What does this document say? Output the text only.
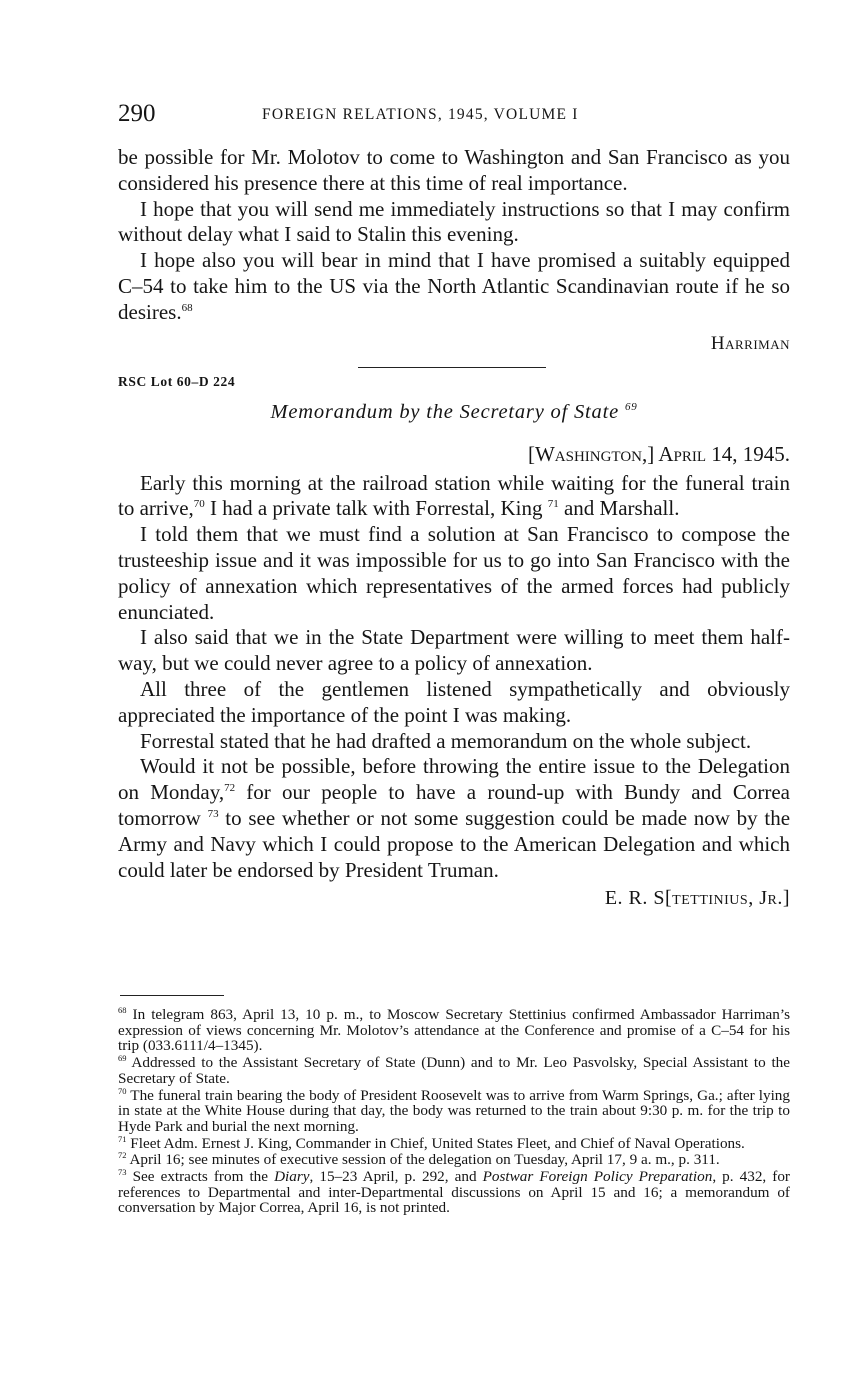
290	FOREIGN RELATIONS, 1945, VOLUME I

be possible for Mr. Molotov to come to Washington and San Francisco as you considered his presence there at this time of real importance.

I hope that you will send me immediately instructions so that I may confirm without delay what I said to Stalin this evening.

I hope also you will bear in mind that I have promised a suitably equipped C–54 to take him to the US via the North Atlantic Scandinavian route if he so desires.$^{68}$

Harriman

RSC Lot 60–D 224

Memorandum by the Secretary of State $^{69}$

[Washington,] April 14, 1945.

Early this morning at the railroad station while waiting for the funeral train to arrive,$^{70}$ I had a private talk with Forrestal, King $^{71}$ and Marshall.

I told them that we must find a solution at San Francisco to compose the trusteeship issue and it was impossible for us to go into San Francisco with the policy of annexation which representatives of the armed forces had publicly enunciated.

I also said that we in the State Department were willing to meet them half-way, but we could never agree to a policy of annexation.

All three of the gentlemen listened sympathetically and obviously appreciated the importance of the point I was making.

Forrestal stated that he had drafted a memorandum on the whole subject.

Would it not be possible, before throwing the entire issue to the Delegation on Monday,$^{72}$ for our people to have a round-up with Bundy and Correa tomorrow $^{73}$ to see whether or not some suggestion could be made now by the Army and Navy which I could propose to the American Delegation and which could later be endorsed by President Truman.

E. R. S[tettinius, Jr.]

$^{68}$ In telegram 863, April 13, 10 p. m., to Moscow Secretary Stettinius confirmed Ambassador Harriman’s expression of views concerning Mr. Molotov’s attendance at the Conference and promise of a C–54 for his trip (033.6111/4–1345).

$^{69}$ Addressed to the Assistant Secretary of State (Dunn) and to Mr. Leo Pasvolsky, Special Assistant to the Secretary of State.

$^{70}$ The funeral train bearing the body of President Roosevelt was to arrive from Warm Springs, Ga.; after lying in state at the White House during that day, the body was returned to the train about 9:30 p. m. for the trip to Hyde Park and burial the next morning.

$^{71}$ Fleet Adm. Ernest J. King, Commander in Chief, United States Fleet, and Chief of Naval Operations.

$^{72}$ April 16; see minutes of executive session of the delegation on Tuesday, April 17, 9 a. m., p. 311.

$^{73}$ See extracts from the Diary, 15–23 April, p. 292, and Postwar Foreign Policy Preparation, p. 432, for references to Departmental and inter-Departmental discussions on April 15 and 16; a memorandum of conversation by Major Correa, April 16, is not printed.
